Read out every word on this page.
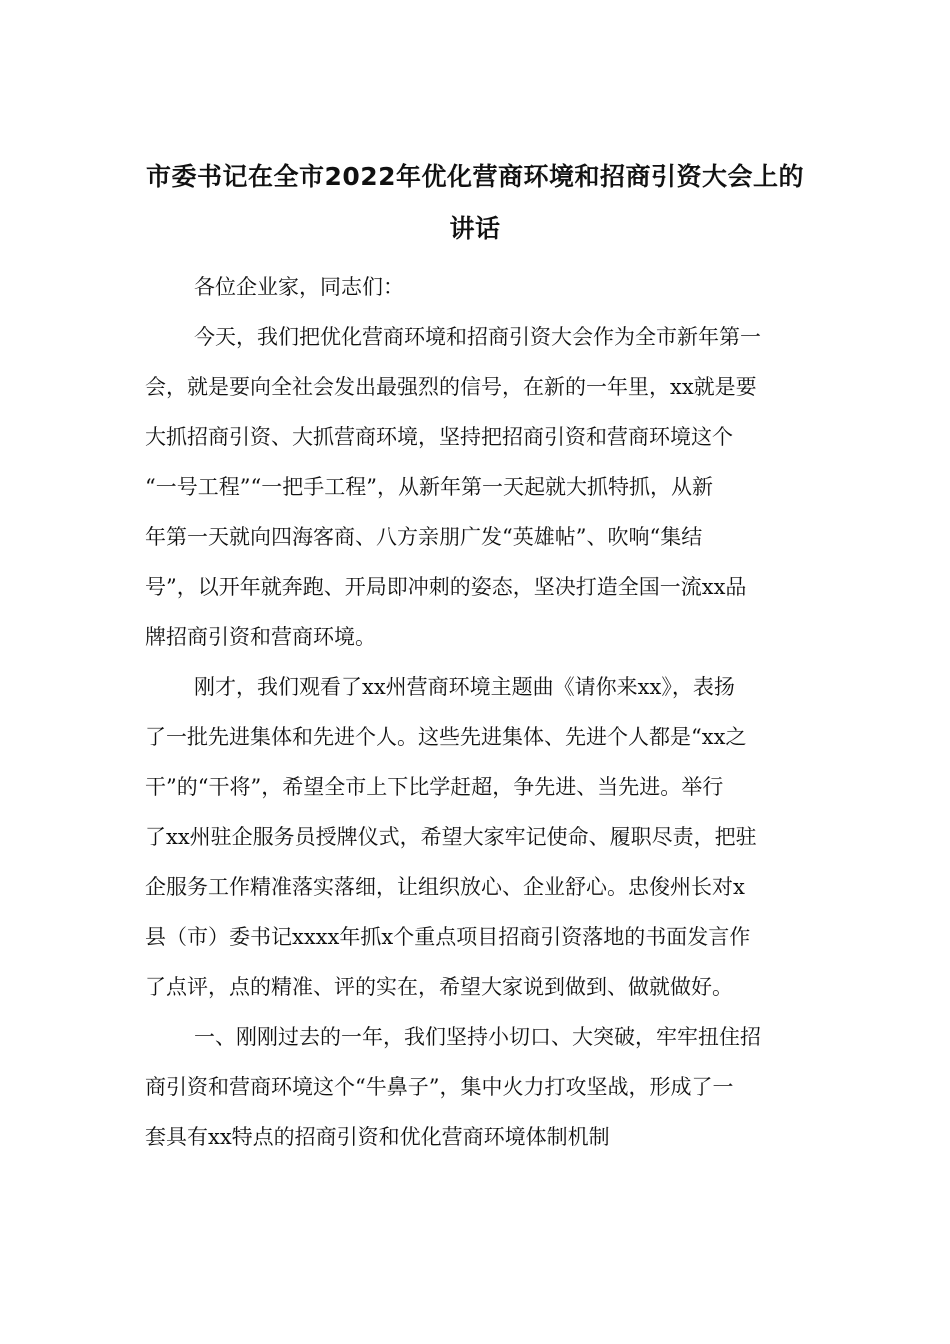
市委书记在全市2022年优化营商环境和招商引资大会上的
讲话
各位企业家，同志们：
今天，我们把优化营商环境和招商引资大会作为全市新年第一
会，就是要向全社会发出最强烈的信号，在新的一年里，xx就是要
大抓招商引资、大抓营商环境，坚持把招商引资和营商环境这个
“一号工程”“一把手工程”，从新年第一天起就大抓特抓，从新
年第一天就向四海客商、八方亲朋广发“英雄帖”、吹响“集结
号”，以开年就奔跑、开局即冲刺的姿态，坚决打造全国一流xx品
牌招商引资和营商环境。
刚才，我们观看了xx州营商环境主题曲《请你来xx》，表扬
了一批先进集体和先进个人。这些先进集体、先进个人都是“xx之
干”的“干将”，希望全市上下比学赶超，争先进、当先进。举行
了xx州驻企服务员授牌仪式，希望大家牢记使命、履职尽责，把驻
企服务工作精准落实落细，让组织放心、企业舒心。忠俊州长对x
县（市）委书记xxxx年抓x个重点项目招商引资落地的书面发言作
了点评，点的精准、评的实在，希望大家说到做到、做就做好。
一、刚刚过去的一年，我们坚持小切口、大突破，牢牢扭住招
商引资和营商环境这个“牛鼻子”，集中火力打攻坚战，形成了一
套具有xx特点的招商引资和优化营商环境体制机制
